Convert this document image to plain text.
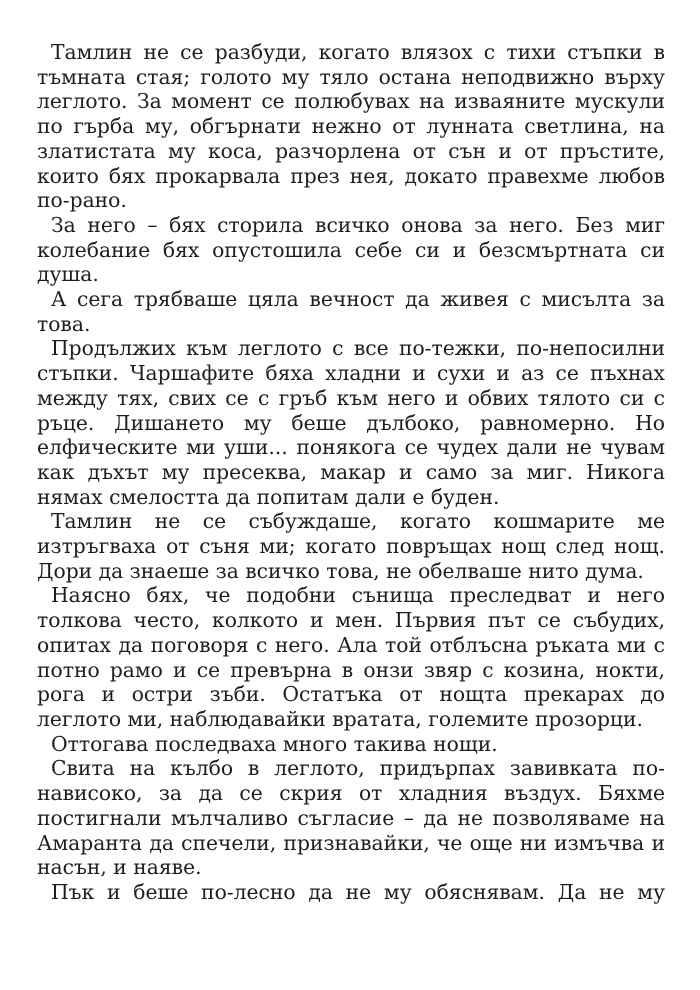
Тамлин не се разбуди, когато влязох с тихи стъпки в тъмната стая; голото му тяло остана неподвижно върху леглото. За момент се полюбувах на изваяните мускули по гърба му, обгърнати нежно от лунната светлина, на златистата му коса, разчорлена от сън и от пръстите, които бях прокарвала през нея, докато правехме любов по-рано.

За него – бях сторила всичко онова за него. Без миг колебание бях опустошила себе си и безсмъртната си душа.

А сега трябваше цяла вечност да живея с мисълта за това.

Продължих към леглото с все по-тежки, по-непосилни стъпки. Чаршафите бяха хладни и сухи и аз се пъхнах между тях, свих се с гръб към него и обвих тялото си с ръце. Дишането му беше дълбоко, равномерно. Но елфическите ми уши... понякога се чудех дали не чувам как дъхът му пресеква, макар и само за миг. Никога нямах смелостта да попитам дали е буден.

Тамлин не се събуждаше, когато кошмарите ме изтръгваха от съня ми; когато повръщах нощ след нощ. Дори да знаеше за всичко това, не обелваше нито дума.

Наясно бях, че подобни сънища преследват и него толкова често, колкото и мен. Първия път се събудих, опитах да поговоря с него. Ала той отблъсна ръката ми с потно рамо и се превърна в онзи звяр с козина, нокти, рога и остри зъби. Остатъка от нощта прекарах до леглото ми, наблюдавайки вратата, големите прозорци.

Оттогава последваха много такива нощи.

Свита на кълбо в леглото, придърпах завивката по-нависоко, за да се скрия от хладния въздух. Бяхме постигнали мълчаливо съгласие – да не позволяваме на Амаранта да спечели, признавайки, че още ни измъчва и насън, и наяве.

Пък и беше по-лесно да не му обяснявам. Да не му
